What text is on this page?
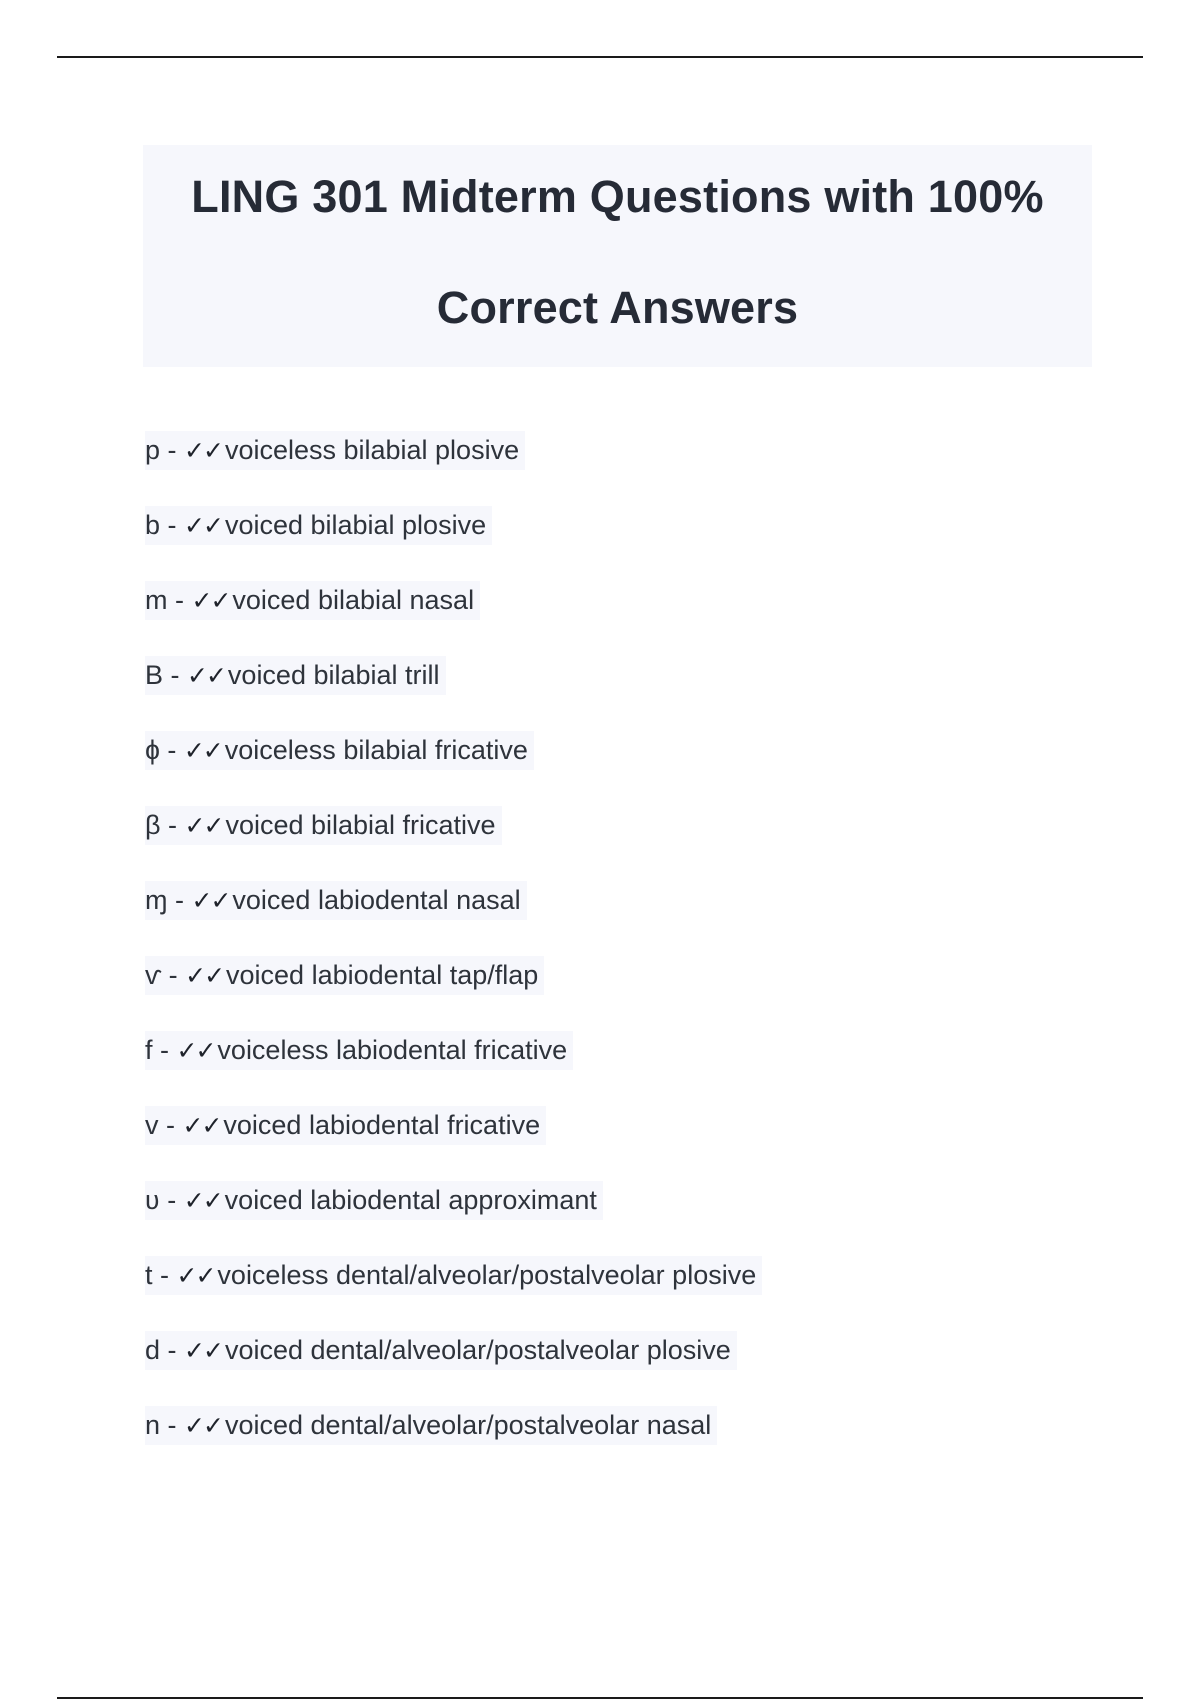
LING 301 Midterm Questions with 100%
Correct Answers
p - ✓✓ voiceless bilabial plosive
b - ✓✓ voiced bilabial plosive
m - ✓✓ voiced bilabial nasal
B - ✓✓ voiced bilabial trill
ɸ - ✓✓ voiceless bilabial fricative
β - ✓✓ voiced bilabial fricative
ɱ - ✓✓ voiced labiodental nasal
ⱱ - ✓✓ voiced labiodental tap/flap
f - ✓✓ voiceless labiodental fricative
v - ✓✓ voiced labiodental fricative
ʋ - ✓✓ voiced labiodental approximant
t - ✓✓ voiceless dental/alveolar/postalveolar plosive
d - ✓✓ voiced dental/alveolar/postalveolar plosive
n - ✓✓ voiced dental/alveolar/postalveolar nasal
